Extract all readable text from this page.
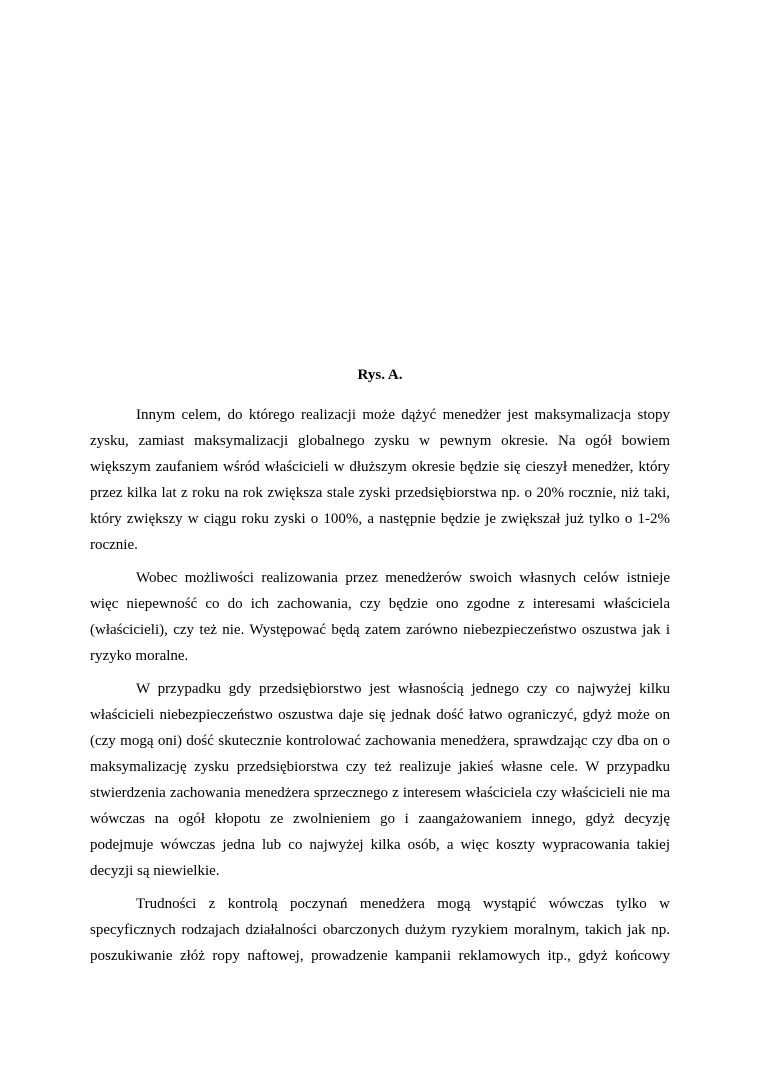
Rys. A.

Innym celem, do którego realizacji może dążyć menedżer jest maksymalizacja stopy zysku, zamiast maksymalizacji globalnego zysku w pewnym okresie. Na ogół bowiem większym zaufaniem wśród właścicieli w dłuższym okresie będzie się cieszył menedżer, który przez kilka lat z roku na rok zwiększa stale zyski przedsiębiorstwa np. o 20% rocznie, niż taki, który zwiększy w ciągu roku zyski o 100%, a następnie będzie je zwiększał już tylko o 1-2% rocznie.

Wobec możliwości realizowania przez menedżerów swoich własnych celów istnieje więc niepewność co do ich zachowania, czy będzie ono zgodne z interesami właściciela (właścicieli), czy też nie. Występować będą zatem zarówno niebezpieczeństwo oszustwa jak i ryzyko moralne.

W przypadku gdy przedsiębiorstwo jest własnością jednego czy co najwyżej kilku właścicieli niebezpieczeństwo oszustwa daje się jednak dość łatwo ograniczyć, gdyż może on (czy mogą oni) dość skutecznie kontrolować zachowania menedżera, sprawdzając czy dba on o maksymalizację zysku przedsiębiorstwa czy też realizuje jakieś własne cele. W przypadku stwierdzenia zachowania menedżera sprzecznego z interesem właściciela czy właścicieli nie ma wówczas na ogół kłopotu ze zwolnieniem go i zaangażowaniem innego, gdyż decyzję podejmuje wówczas jedna lub co najwyżej kilka osób, a więc koszty wypracowania takiej decyzji są niewielkie.

Trudności z kontrolą poczynań menedżera mogą wystąpić wówczas tylko w specyficznych rodzajach działalności obarczonych dużym ryzykiem moralnym, takich jak np. poszukiwanie złóż ropy naftowej, prowadzenie kampanii reklamowych itp., gdyż końcowy
